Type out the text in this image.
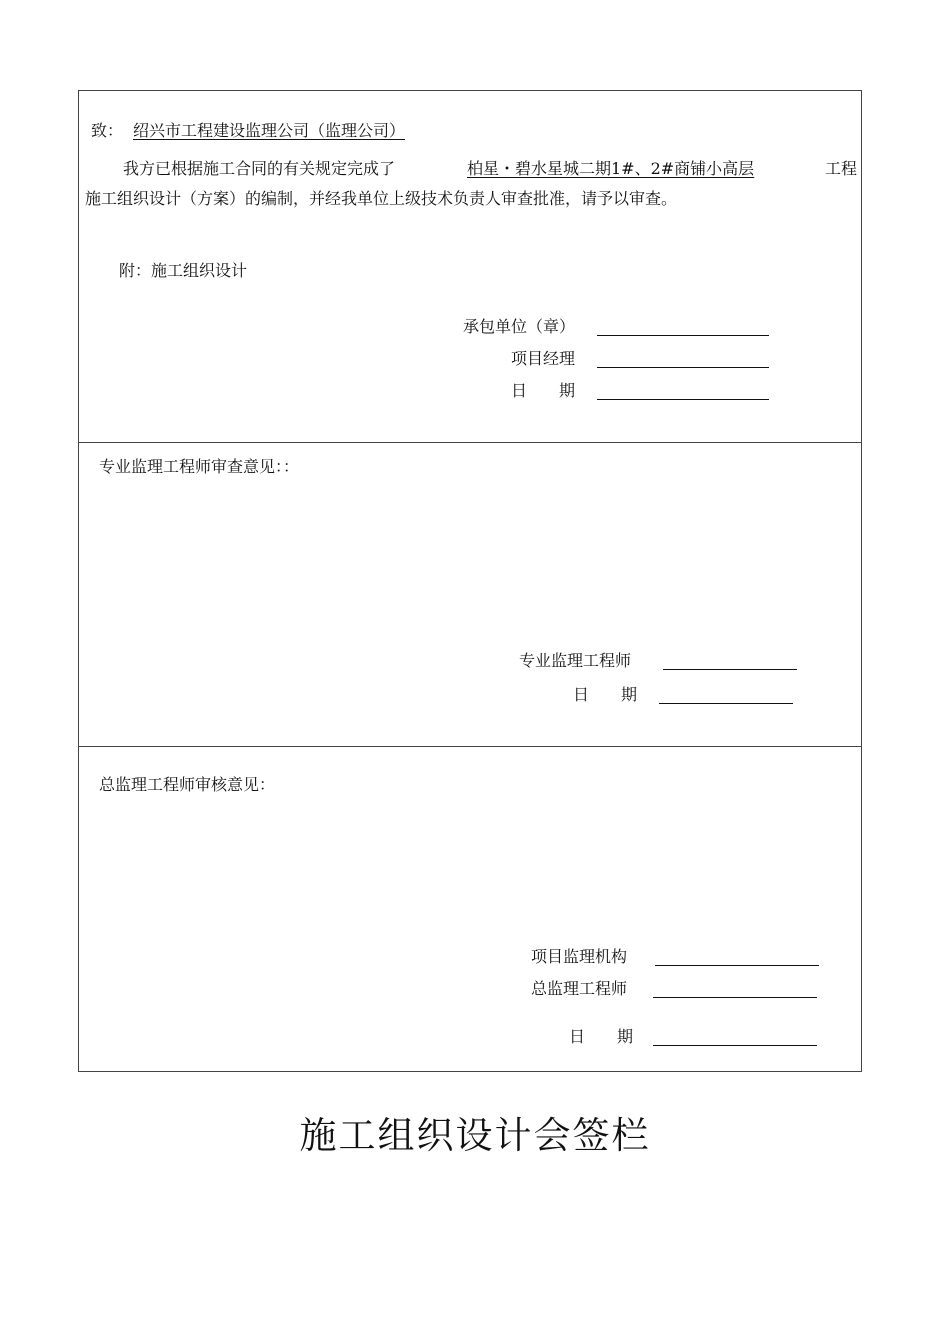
致： 绍兴市工程建设监理公司（监理公司）
我方已根据施工合同的有关规定完成了	柏星・碧水星城二期1#、2#商铺小高层	工程
施工组织设计（方案）的编制，并经我单位上级技术负责人审查批准，请予以审查。
附：施工组织设计
承包单位（章）
项目经理
日　　期
专业监理工程师审查意见：：
专业监理工程师
日　　期
总监理工程师审核意见：
项目监理机构
总监理工程师
日　　期
施工组织设计会签栏
